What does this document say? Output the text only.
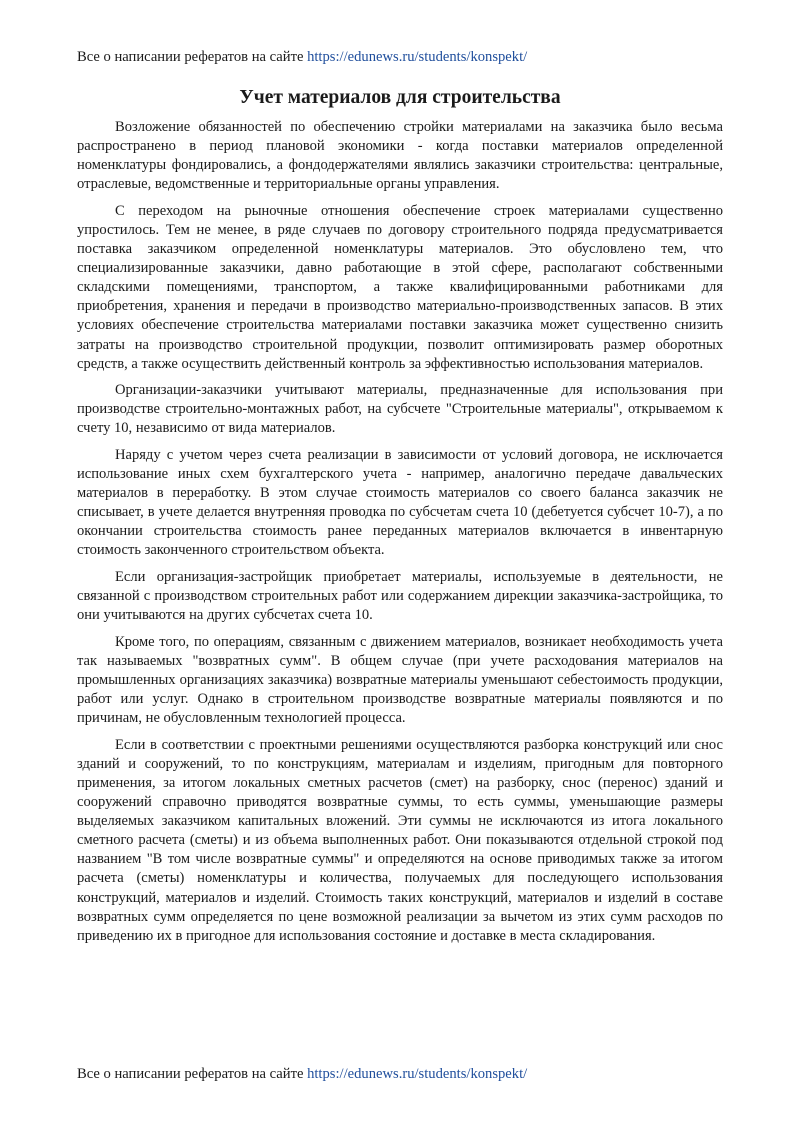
Все о написании рефератов на сайте https://edunews.ru/students/konspekt/
Учет материалов для строительства

Возложение обязанностей по обеспечению стройки материалами на заказчика было весьма распространено в период плановой экономики - когда поставки материалов определенной номенклатуры фондировались, а фондодержателями являлись заказчики строительства: центральные, отраслевые, ведомственные и территориальные органы управления.

С переходом на рыночные отношения обеспечение строек материалами существенно упростилось. Тем не менее, в ряде случаев по договору строительного подряда предусматривается поставка заказчиком определенной номенклатуры материалов. Это обусловлено тем, что специализированные заказчики, давно работающие в этой сфере, располагают собственными складскими помещениями, транспортом, а также квалифицированными работниками для приобретения, хранения и передачи в производство материально-производственных запасов. В этих условиях обеспечение строительства материалами поставки заказчика может существенно снизить затраты на производство строительной продукции, позволит оптимизировать размер оборотных средств, а также осуществить действенный контроль за эффективностью использования материалов.

Организации-заказчики учитывают материалы, предназначенные для использования при производстве строительно-монтажных работ, на субсчете "Строительные материалы", открываемом к счету 10, независимо от вида материалов.

Наряду с учетом через счета реализации в зависимости от условий договора, не исключается использование иных схем бухгалтерского учета - например, аналогично передаче давальческих материалов в переработку. В этом случае стоимость материалов со своего баланса заказчик не списывает, в учете делается внутренняя проводка по субсчетам счета 10 (дебетуется субсчет 10-7), а по окончании строительства стоимость ранее переданных материалов включается в инвентарную стоимость законченного строительством объекта.

Если организация-застройщик приобретает материалы, используемые в деятельности, не связанной с производством строительных работ или содержанием дирекции заказчика-застройщика, то они учитываются на других субсчетах счета 10.

Кроме того, по операциям, связанным с движением материалов, возникает необходимость учета так называемых "возвратных сумм". В общем случае (при учете расходования материалов на промышленных организациях заказчика) возвратные материалы уменьшают себестоимость продукции, работ или услуг. Однако в строительном производстве возвратные материалы появляются и по причинам, не обусловленным технологией процесса.

Если в соответствии с проектными решениями осуществляются разборка конструкций или снос зданий и сооружений, то по конструкциям, материалам и изделиям, пригодным для повторного применения, за итогом локальных сметных расчетов (смет) на разборку, снос (перенос) зданий и сооружений справочно приводятся возвратные суммы, то есть суммы, уменьшающие размеры выделяемых заказчиком капитальных вложений. Эти суммы не исключаются из итога локального сметного расчета (сметы) и из объема выполненных работ. Они показываются отдельной строкой под названием "В том числе возвратные суммы" и определяются на основе приводимых также за итогом расчета (сметы) номенклатуры и количества, получаемых для последующего использования конструкций, материалов и изделий. Стоимость таких конструкций, материалов и изделий в составе возвратных сумм определяется по цене возможной реализации за вычетом из этих сумм расходов по приведению их в пригодное для использования состояние и доставке в места складирования.

Все о написании рефератов на сайте https://edunews.ru/students/konspekt/
